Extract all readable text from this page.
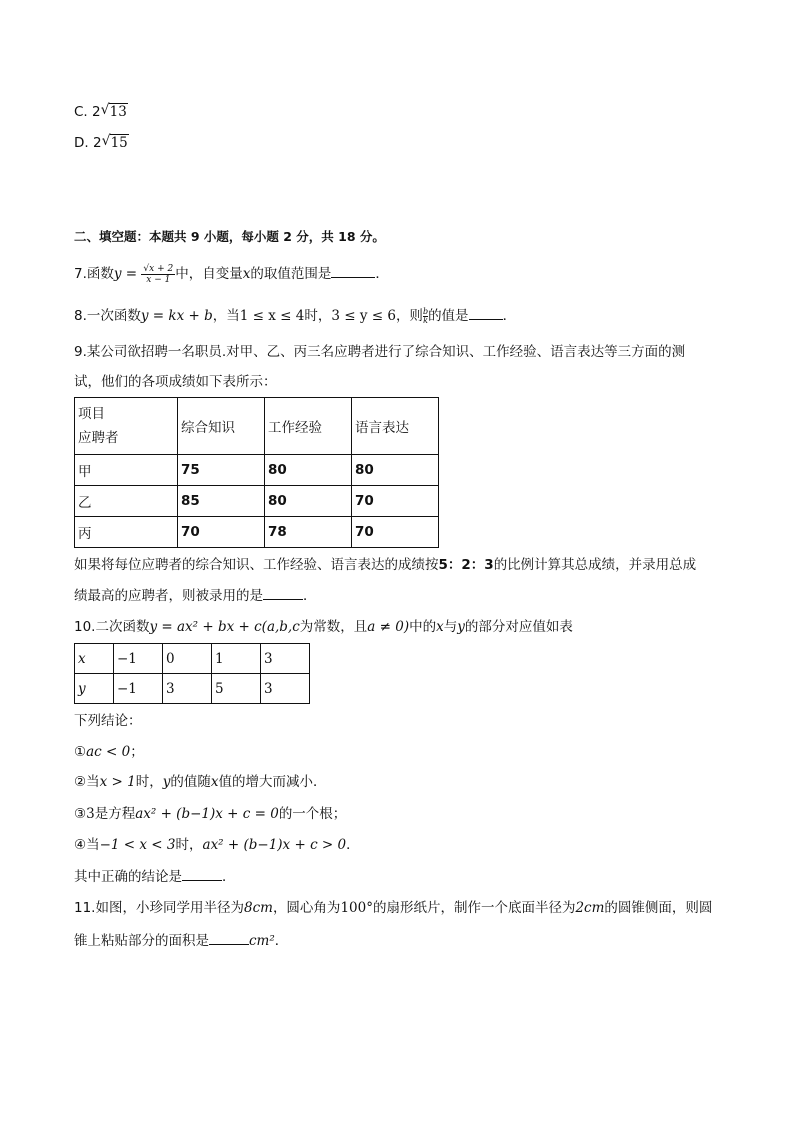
C. 2 √ 13
D. 2 √ 15
二、填空题：本题共 9 小题，每小题 2 分，共 18 分。
7.函数$y = \frac{√x + 2}{x - 1}$ 中，自变量x的取值范围是	．
8.一次函数y = kx + b，当1 ≤ x ≤ 4时，3 ≤ y ≤ 6，则 $\frac{b}{k}$ 的值是	．
9.某公司欲招聘一名职员.对甲、乙、丙三名应聘者进行了综合知识、工作经验、语言表达等三方面的测
试，他们的各项成绩如下表所示：
项目
应聘者	综合知识	工作经验	语言表达
甲	75	80	80
乙	85	80	70
丙	70	78	70
如果将每位应聘者的综合知识、工作经验、语言表达的成绩按5：2：3的比例计算其总成绩，并录用总成
绩最高的应聘者，则被录用的是	．
10.二次函数y = ax² + bx + c(a,b,c为常数，且a ≠ 0)中的x与y的部分对应值如表
x	−1	0	1	3
y	−1	3	5	3
下列结论：
①ac < 0；
②当x > 1时，y的值随x值的增大而减小．
③3是方程ax² + (b−1)x + c = 0的一个根；
④当−1 < x < 3时，ax² + (b−1)x + c > 0．
其中正确的结论是	．
11.如图，小珍同学用半径为8cm，圆心角为100°的扇形纸片，制作一个底面半径为2cm的圆锥侧面，则圆
锥上粘贴部分的面积是	cm²．
